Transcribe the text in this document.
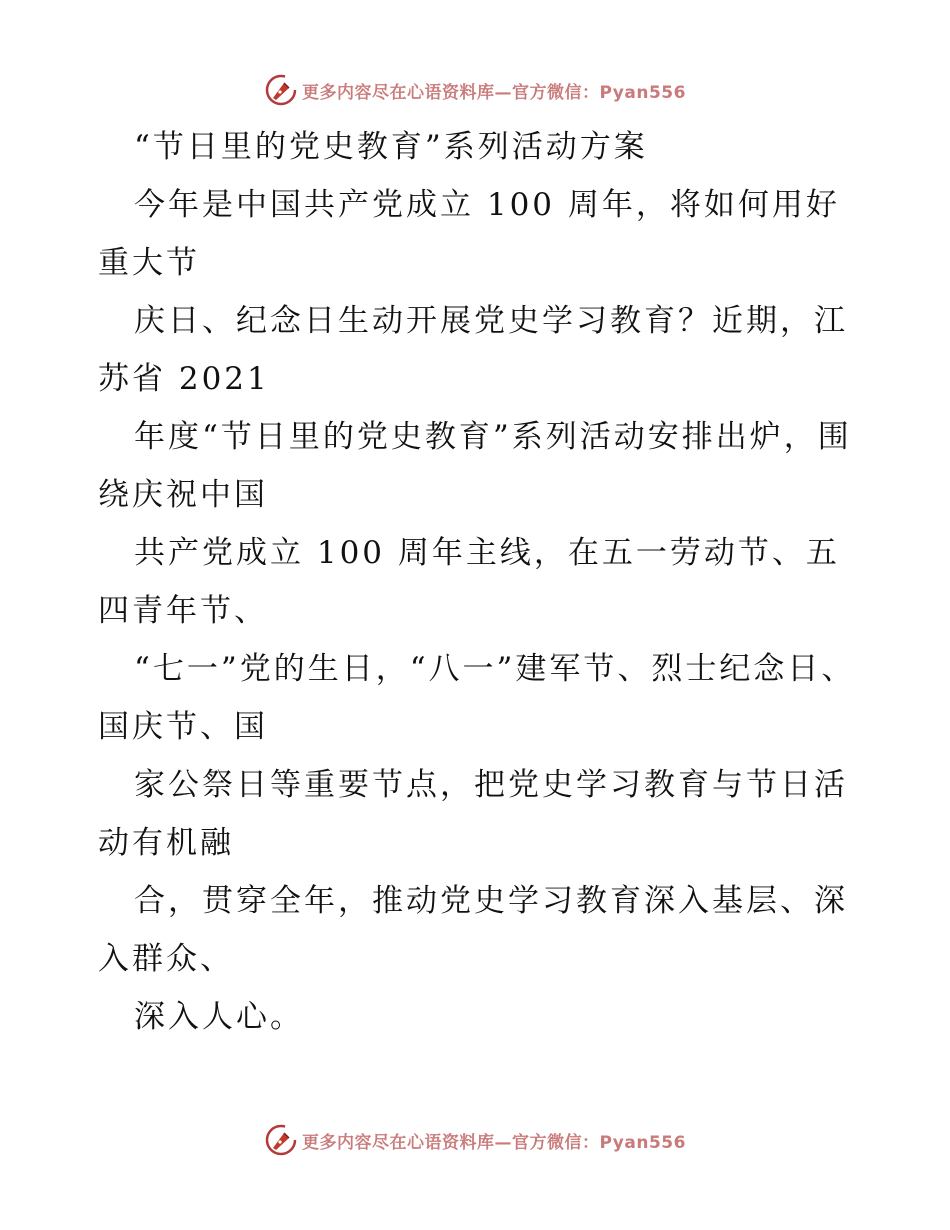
更多内容尽在心语资料库—官方微信：Pyan556

“节日里的党史教育”系列活动方案

今年是中国共产党成立 100 周年，将如何用好重大节

庆日、纪念日生动开展党史学习教育？近期，江苏省 2021

年度“节日里的党史教育”系列活动安排出炉，围绕庆祝中国

共产党成立 100 周年主线，在五一劳动节、五四青年节、

“七一”党的生日，“八一”建军节、烈士纪念日、国庆节、国

家公祭日等重要节点，把党史学习教育与节日活动有机融

合，贯穿全年，推动党史学习教育深入基层、深入群众、

深入人心。

更多内容尽在心语资料库—官方微信：Pyan556
